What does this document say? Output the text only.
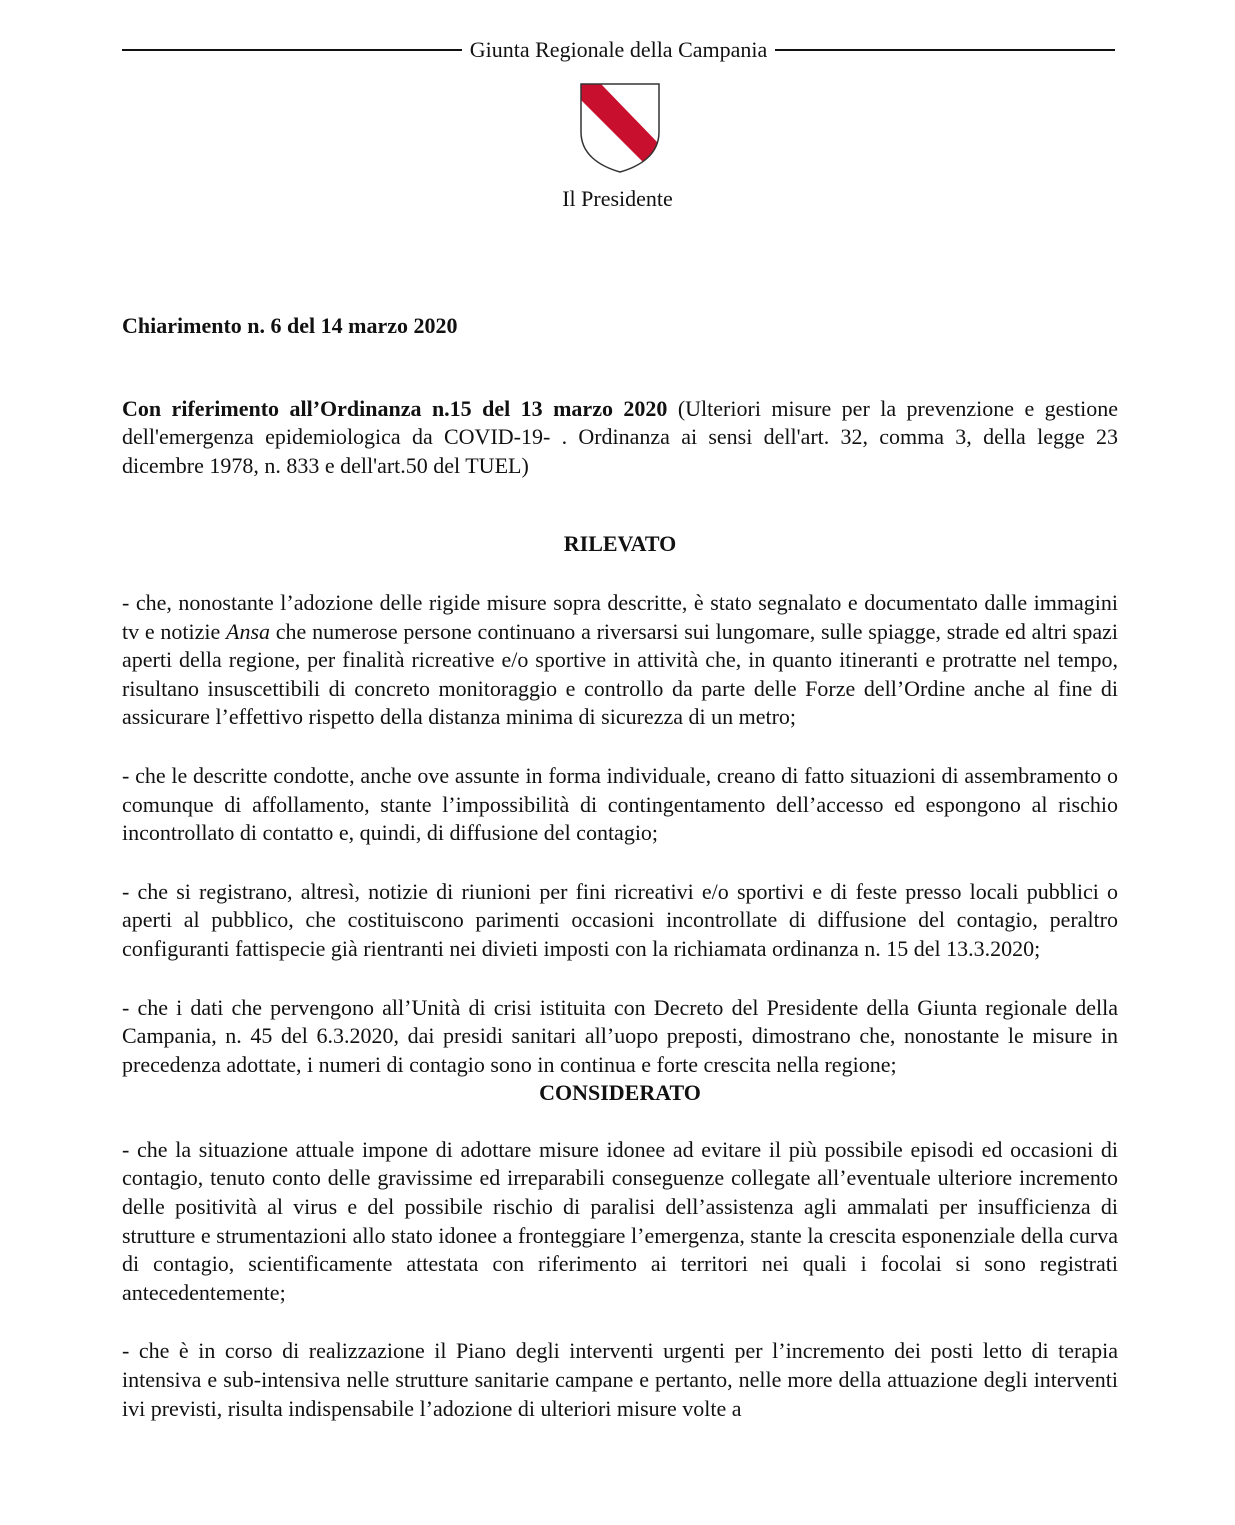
Giunta Regionale della Campania
Il Presidente

Chiarimento n. 6 del 14 marzo 2020

Con riferimento all’Ordinanza n.15 del 13 marzo 2020 (Ulteriori misure per la prevenzione e gestione dell'emergenza epidemiologica da COVID-19- . Ordinanza ai sensi dell'art. 32, comma 3, della legge 23 dicembre 1978, n. 833 e dell'art.50 del TUEL)

RILEVATO

- che, nonostante l’adozione delle rigide misure sopra descritte, è stato segnalato e documentato dalle immagini tv e notizie Ansa che numerose persone continuano a riversarsi sui lungomare, sulle spiagge, strade ed altri spazi aperti della regione, per finalità ricreative e/o sportive in attività che, in quanto itineranti e protratte nel tempo, risultano insuscettibili di concreto monitoraggio e controllo da parte delle Forze dell’Ordine anche al fine di assicurare l’effettivo rispetto della distanza minima di sicurezza di un metro;

- che le descritte condotte, anche ove assunte in forma individuale, creano di fatto situazioni di assembramento o comunque di affollamento, stante l’impossibilità di contingentamento dell’accesso ed espongono al rischio incontrollato di contatto e, quindi, di diffusione del contagio;

- che si registrano, altresì, notizie di riunioni per fini ricreativi e/o sportivi e di feste presso locali pubblici o aperti al pubblico, che costituiscono parimenti occasioni incontrollate di diffusione del contagio, peraltro configuranti fattispecie già rientranti nei divieti imposti con la richiamata ordinanza n. 15 del 13.3.2020;

- che i dati che pervengono all’Unità di crisi istituita con Decreto del Presidente della Giunta regionale della Campania, n. 45 del 6.3.2020, dai presidi sanitari all’uopo preposti, dimostrano che, nonostante le misure in precedenza adottate, i numeri di contagio sono in continua e forte crescita nella regione;

CONSIDERATO

- che la situazione attuale impone di adottare misure idonee ad evitare il più possibile episodi ed occasioni di contagio, tenuto conto delle gravissime ed irreparabili conseguenze collegate all’eventuale ulteriore incremento delle positività al virus e del possibile rischio di paralisi dell’assistenza agli ammalati per insufficienza di strutture e strumentazioni allo stato idonee a fronteggiare l’emergenza, stante la crescita esponenziale della curva di contagio, scientificamente attestata con riferimento ai territori nei quali i focolai si sono registrati antecedentemente;

- che è in corso di realizzazione il Piano degli interventi urgenti per l’incremento dei posti letto di terapia intensiva e sub-intensiva nelle strutture sanitarie campane e pertanto, nelle more della attuazione degli interventi ivi previsti, risulta indispensabile l’adozione di ulteriori misure volte a
